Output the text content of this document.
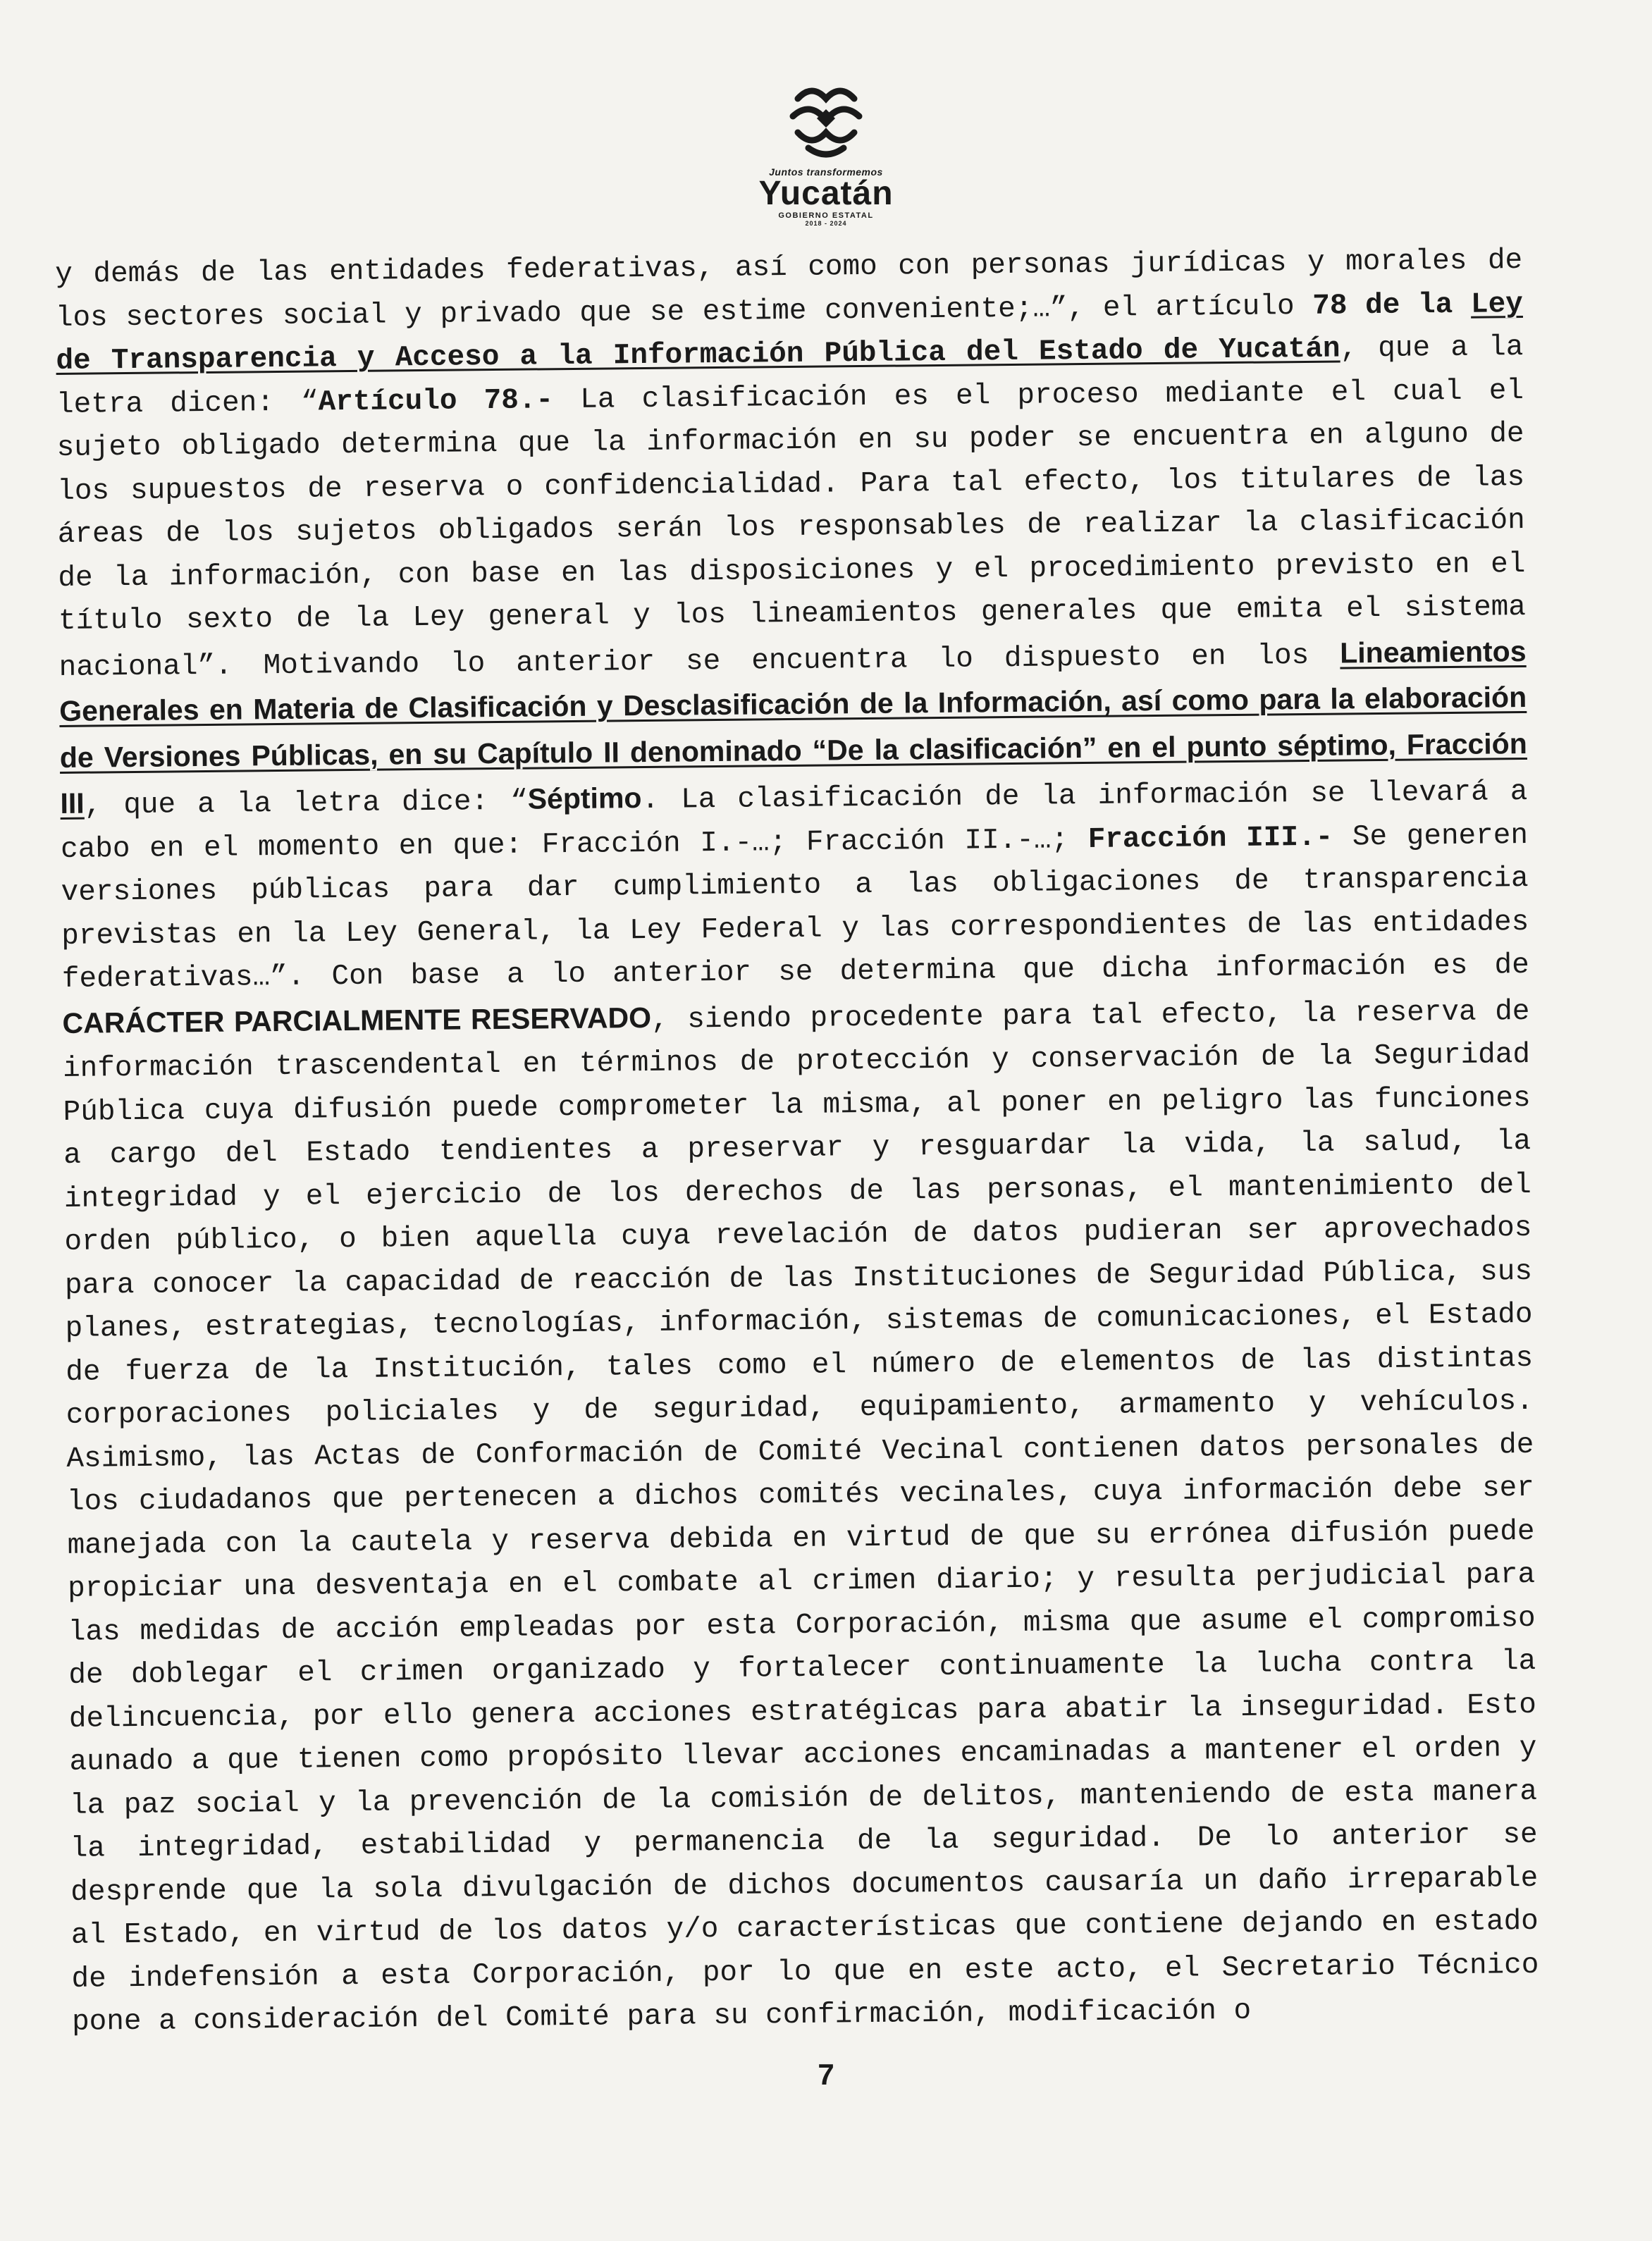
Juntos transformemos
Yucatán
GOBIERNO ESTATAL
2018 - 2024

y demás de las entidades federativas, así como con personas jurídicas y morales de los sectores social y privado que se estime conveniente;…”, el artículo 78 de la Ley de Transparencia y Acceso a la Información Pública del Estado de Yucatán, que a la letra dicen: “Artículo 78.- La clasificación es el proceso mediante el cual el sujeto obligado determina que la información en su poder se encuentra en alguno de los supuestos de reserva o confidencialidad. Para tal efecto, los titulares de las áreas de los sujetos obligados serán los responsables de realizar la clasificación de la información, con base en las disposiciones y el procedimiento previsto en el título sexto de la Ley general y los lineamientos generales que emita el sistema nacional”. Motivando lo anterior se encuentra lo dispuesto en los Lineamientos Generales en Materia de Clasificación y Desclasificación de la Información, así como para la elaboración de Versiones Públicas, en su Capítulo II denominado “De la clasificación” en el punto séptimo, Fracción III, que a la letra dice: “Séptimo. La clasificación de la información se llevará a cabo en el momento en que: Fracción I.-…; Fracción II.-…; Fracción III.- Se generen versiones públicas para dar cumplimiento a las obligaciones de transparencia previstas en la Ley General, la Ley Federal y las correspondientes de las entidades federativas…”. Con base a lo anterior se determina que dicha información es de CARÁCTER PARCIALMENTE RESERVADO, siendo procedente para tal efecto, la reserva de información trascendental en términos de protección y conservación de la Seguridad Pública cuya difusión puede comprometer la misma, al poner en peligro las funciones a cargo del Estado tendientes a preservar y resguardar la vida, la salud, la integridad y el ejercicio de los derechos de las personas, el mantenimiento del orden público, o bien aquella cuya revelación de datos pudieran ser aprovechados para conocer la capacidad de reacción de las Instituciones de Seguridad Pública, sus planes, estrategias, tecnologías, información, sistemas de comunicaciones, el Estado de fuerza de la Institución, tales como el número de elementos de las distintas corporaciones policiales y de seguridad, equipamiento, armamento y vehículos. Asimismo, las Actas de Conformación de Comité Vecinal contienen datos personales de los ciudadanos que pertenecen a dichos comités vecinales, cuya información debe ser manejada con la cautela y reserva debida en virtud de que su errónea difusión puede propiciar una desventaja en el combate al crimen diario; y resulta perjudicial para las medidas de acción empleadas por esta Corporación, misma que asume el compromiso de doblegar el crimen organizado y fortalecer continuamente la lucha contra la delincuencia, por ello genera acciones estratégicas para abatir la inseguridad. Esto aunado a que tienen como propósito llevar acciones encaminadas a mantener el orden y la paz social y la prevención de la comisión de delitos, manteniendo de esta manera la integridad, estabilidad y permanencia de la seguridad. De lo anterior se desprende que la sola divulgación de dichos documentos causaría un daño irreparable al Estado, en virtud de los datos y/o características que contiene dejando en estado de indefensión a esta Corporación, por lo que en este acto, el Secretario Técnico pone a consideración del Comité para su confirmación, modificación o

7
